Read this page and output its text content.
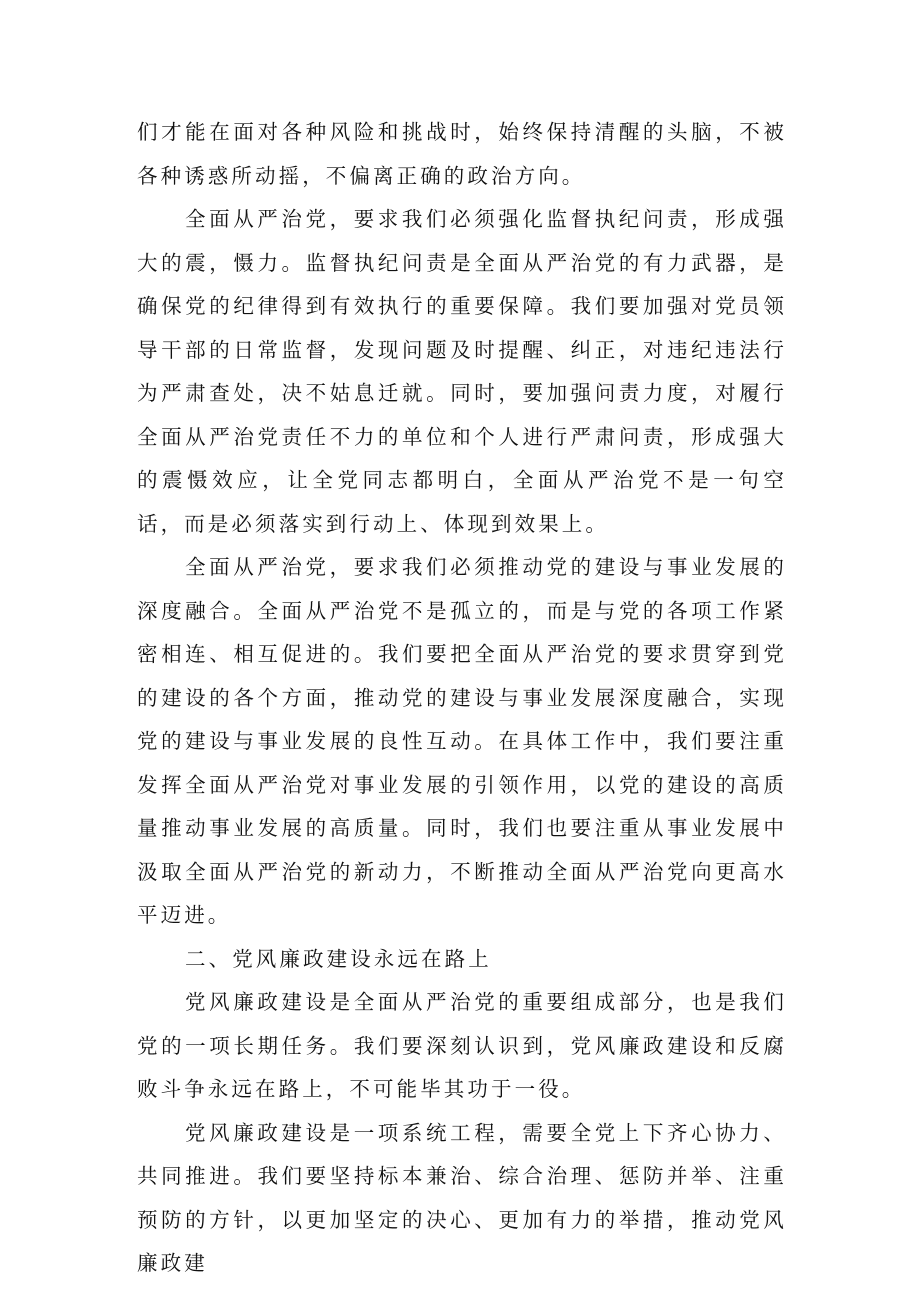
们才能在面对各种风险和挑战时，始终保持清醒的头脑，不被各种诱惑所动摇，不偏离正确的政治方向。

全面从严治党，要求我们必须强化监督执纪问责，形成强大的震，慑力。监督执纪问责是全面从严治党的有力武器，是确保党的纪律得到有效执行的重要保障。我们要加强对党员领导干部的日常监督，发现问题及时提醒、纠正，对违纪违法行为严肃查处，决不姑息迁就。同时，要加强问责力度，对履行全面从严治党责任不力的单位和个人进行严肃问责，形成强大的震慑效应，让全党同志都明白，全面从严治党不是一句空话，而是必须落实到行动上、体现到效果上。

全面从严治党，要求我们必须推动党的建设与事业发展的深度融合。全面从严治党不是孤立的，而是与党的各项工作紧密相连、相互促进的。我们要把全面从严治党的要求贯穿到党的建设的各个方面，推动党的建设与事业发展深度融合，实现党的建设与事业发展的良性互动。在具体工作中，我们要注重发挥全面从严治党对事业发展的引领作用，以党的建设的高质量推动事业发展的高质量。同时，我们也要注重从事业发展中汲取全面从严治党的新动力，不断推动全面从严治党向更高水平迈进。

二、党风廉政建设永远在路上

党风廉政建设是全面从严治党的重要组成部分，也是我们党的一项长期任务。我们要深刻认识到，党风廉政建设和反腐败斗争永远在路上，不可能毕其功于一役。

党风廉政建设是一项系统工程，需要全党上下齐心协力、共同推进。我们要坚持标本兼治、综合治理、惩防并举、注重预防的方针，以更加坚定的决心、更加有力的举措，推动党风廉政建
